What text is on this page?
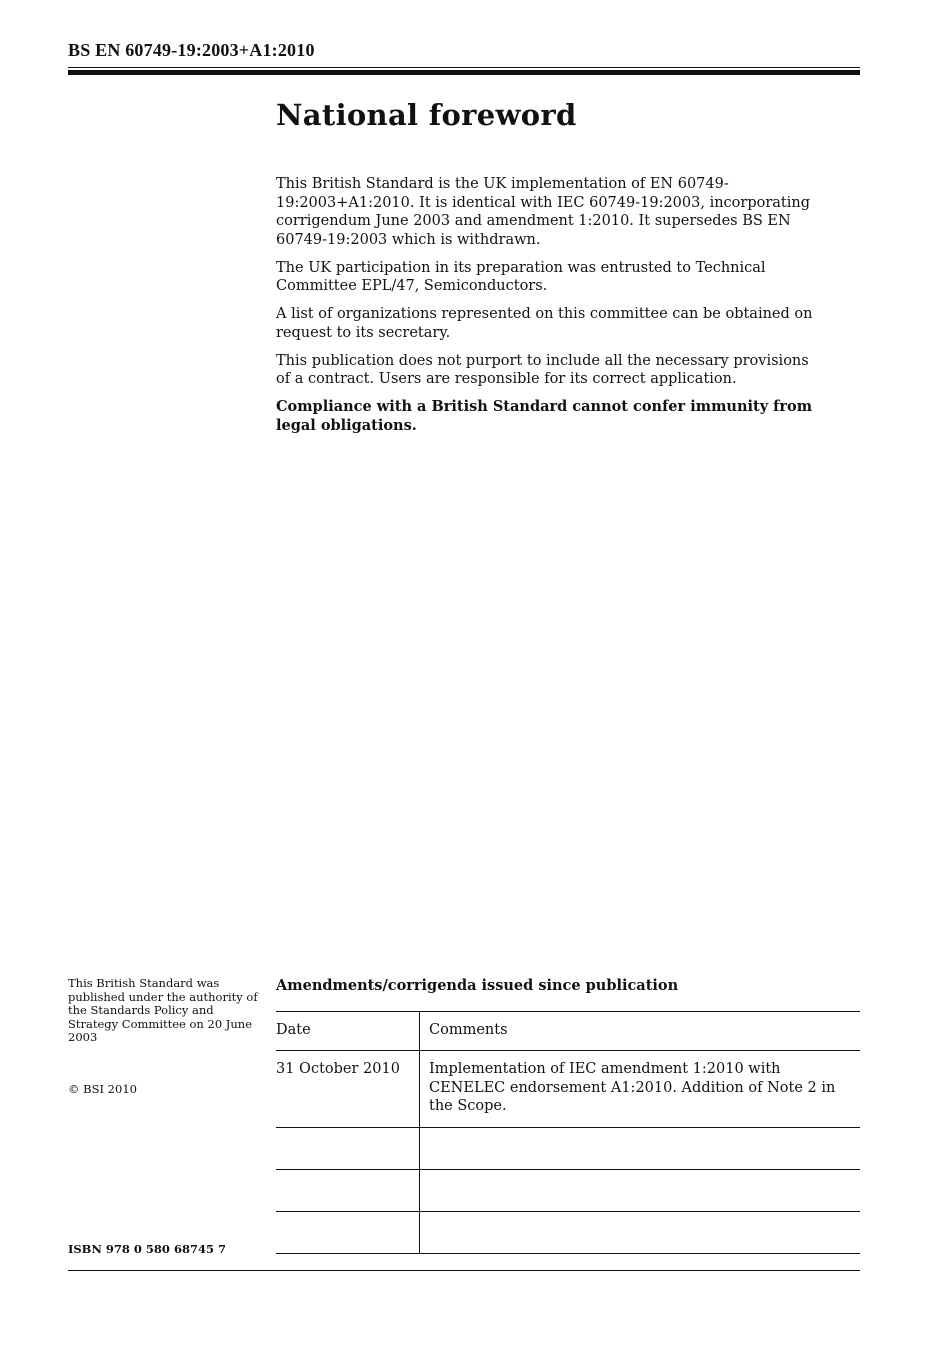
BS EN 60749-19:2003+A1:2010
National foreword

This British Standard is the UK implementation of EN 60749-19:2003+A1:2010. It is identical with IEC 60749-19:2003, incorporating corrigendum June 2003 and amendment 1:2010. It supersedes BS EN 60749-19:2003 which is withdrawn.

The UK participation in its preparation was entrusted to Technical Committee EPL/47, Semiconductors.

A list of organizations represented on this committee can be obtained on request to its secretary.

This publication does not purport to include all the necessary provisions of a contract. Users are responsible for its correct application.

Compliance with a British Standard cannot confer immunity from legal obligations.

This British Standard was published under the authority of the Standards Policy and Strategy Committee on 20 June 2003
© BSI 2010
ISBN 978 0 580 68745 7
Amendments/corrigenda issued since publication
Date	Comments

31 October 2010	Implementation of IEC amendment 1:2010 with CENELEC endorsement A1:2010. Addition of Note 2 in the Scope.
